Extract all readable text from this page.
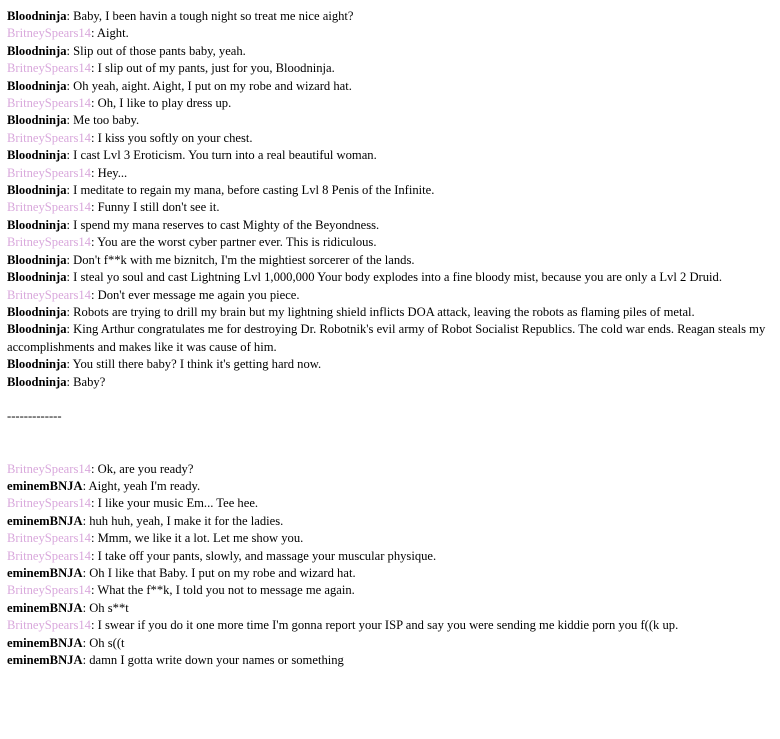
Bloodninja: Baby, I been havin a tough night so treat me nice aight?
BritneySpears14: Aight.
Bloodninja: Slip out of those pants baby, yeah.
BritneySpears14: I slip out of my pants, just for you, Bloodninja.
Bloodninja: Oh yeah, aight. Aight, I put on my robe and wizard hat.
BritneySpears14: Oh, I like to play dress up.
Bloodninja: Me too baby.
BritneySpears14: I kiss you softly on your chest.
Bloodninja: I cast Lvl 3 Eroticism. You turn into a real beautiful woman.
BritneySpears14: Hey...
Bloodninja: I meditate to regain my mana, before casting Lvl 8 Penis of the Infinite.
BritneySpears14: Funny I still don't see it.
Bloodninja: I spend my mana reserves to cast Mighty of the Beyondness.
BritneySpears14: You are the worst cyber partner ever. This is ridiculous.
Bloodninja: Don't f**k with me biznitch, I'm the mightiest sorcerer of the lands.
Bloodninja: I steal yo soul and cast Lightning Lvl 1,000,000 Your body explodes into a fine bloody mist, because you are only a Lvl 2 Druid.
BritneySpears14: Don't ever message me again you piece.
Bloodninja: Robots are trying to drill my brain but my lightning shield inflicts DOA attack, leaving the robots as flaming piles of metal.
Bloodninja: King Arthur congratulates me for destroying Dr. Robotnik's evil army of Robot Socialist Republics. The cold war ends. Reagan steals my accomplishments and makes like it was cause of him.
Bloodninja: You still there baby? I think it's getting hard now.
Bloodninja: Baby?
-------------
BritneySpears14: Ok, are you ready?
eminemBNJA: Aight, yeah I'm ready.
BritneySpears14: I like your music Em... Tee hee.
eminemBNJA: huh huh, yeah, I make it for the ladies.
BritneySpears14: Mmm, we like it a lot. Let me show you.
BritneySpears14: I take off your pants, slowly, and massage your muscular physique.
eminemBNJA: Oh I like that Baby. I put on my robe and wizard hat.
BritneySpears14: What the f**k, I told you not to message me again.
eminemBNJA: Oh s**t
BritneySpears14: I swear if you do it one more time I'm gonna report your ISP and say you were sending me kiddie porn you f((k up.
eminemBNJA: Oh s((t
eminemBNJA: damn I gotta write down your names or something
